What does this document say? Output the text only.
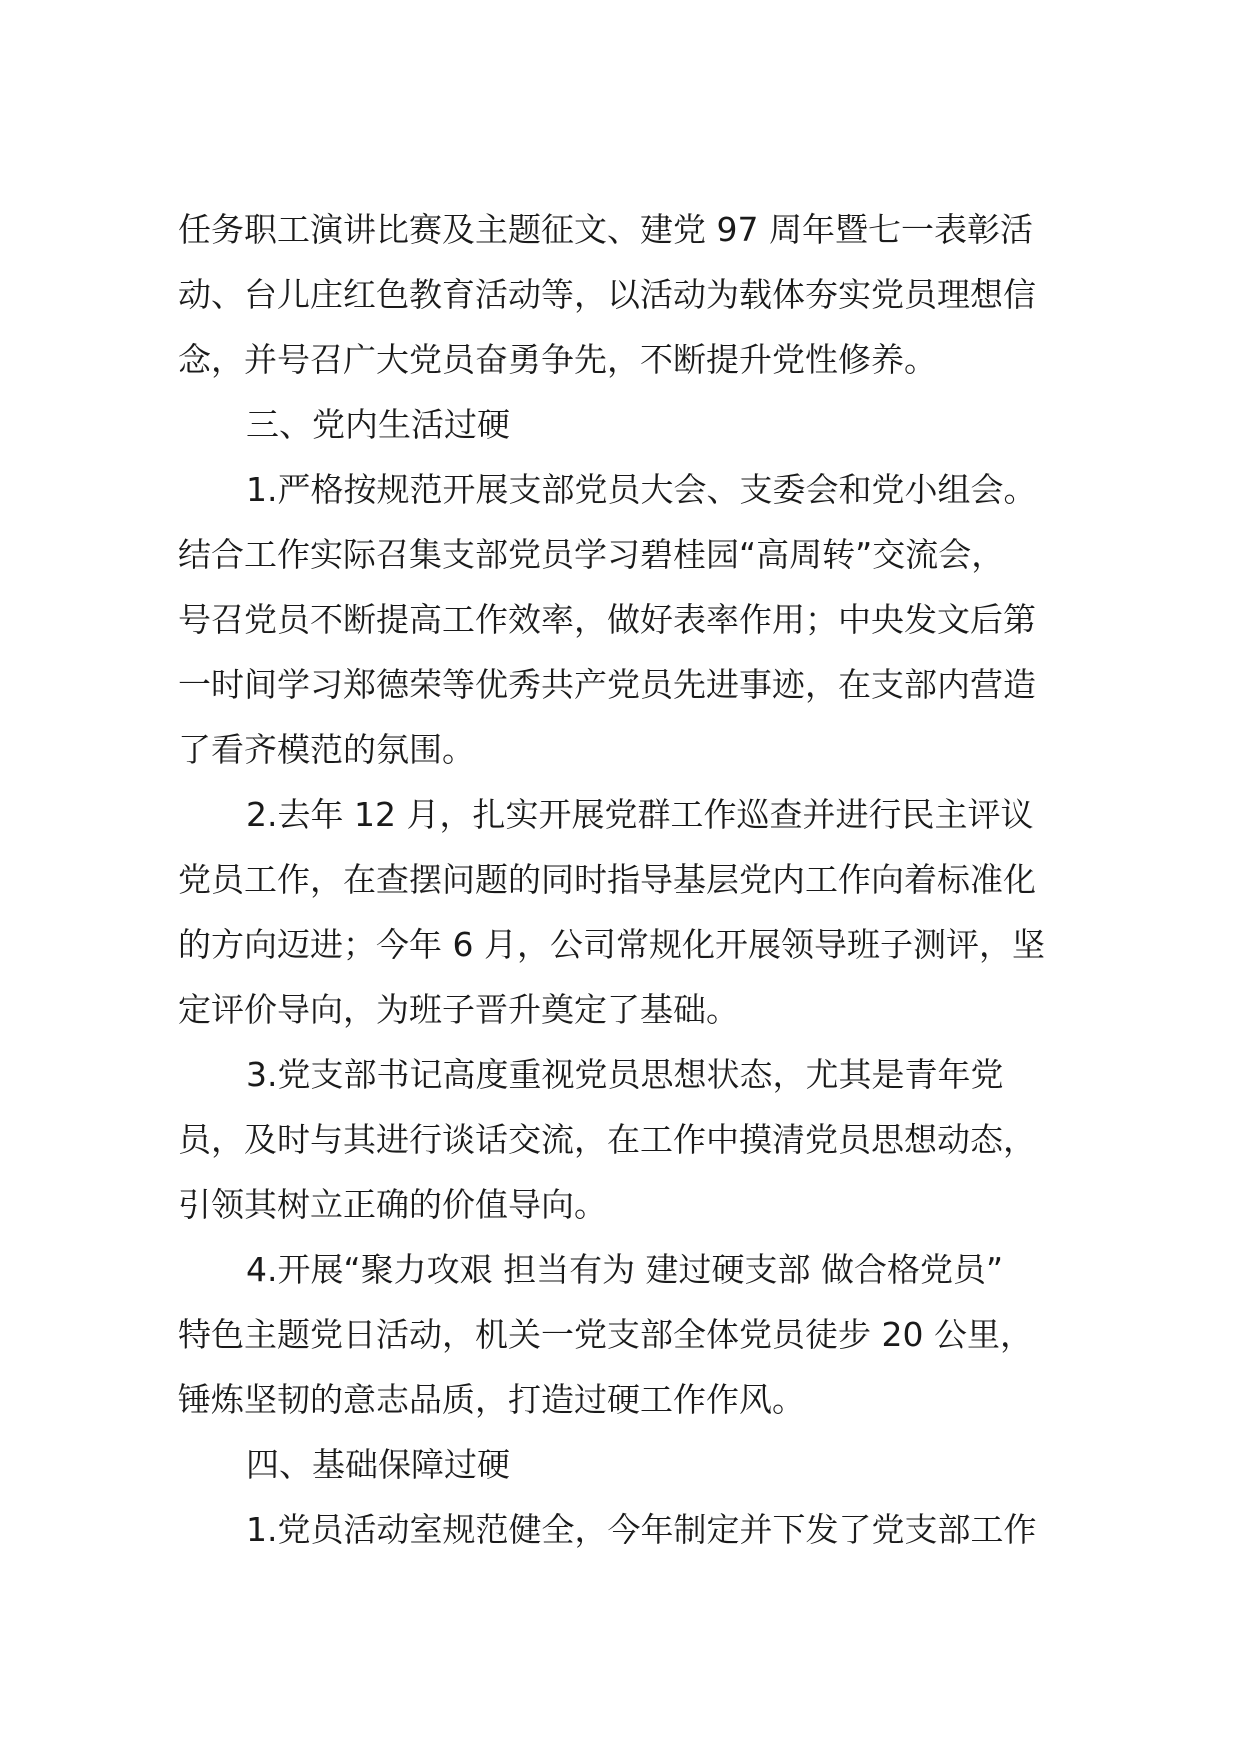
任务职工演讲比赛及主题征文、建党 97 周年暨七一表彰活
动、台儿庄红色教育活动等，以活动为载体夯实党员理想信
念，并号召广大党员奋勇争先，不断提升党性修养。
三、党内生活过硬
1.严格按规范开展支部党员大会、支委会和党小组会。
结合工作实际召集支部党员学习碧桂园“高周转”交流会，
号召党员不断提高工作效率，做好表率作用；中央发文后第
一时间学习郑德荣等优秀共产党员先进事迹，在支部内营造
了看齐模范的氛围。
2.去年 12 月，扎实开展党群工作巡查并进行民主评议
党员工作，在查摆问题的同时指导基层党内工作向着标准化
的方向迈进；今年 6 月，公司常规化开展领导班子测评，坚
定评价导向，为班子晋升奠定了基础。
3.党支部书记高度重视党员思想状态，尤其是青年党
员，及时与其进行谈话交流，在工作中摸清党员思想动态，
引领其树立正确的价值导向。
4.开展“聚力攻艰 担当有为 建过硬支部 做合格党员”
特色主题党日活动，机关一党支部全体党员徒步 20 公里，
锤炼坚韧的意志品质，打造过硬工作作风。
四、基础保障过硬
1.党员活动室规范健全，今年制定并下发了党支部工作
